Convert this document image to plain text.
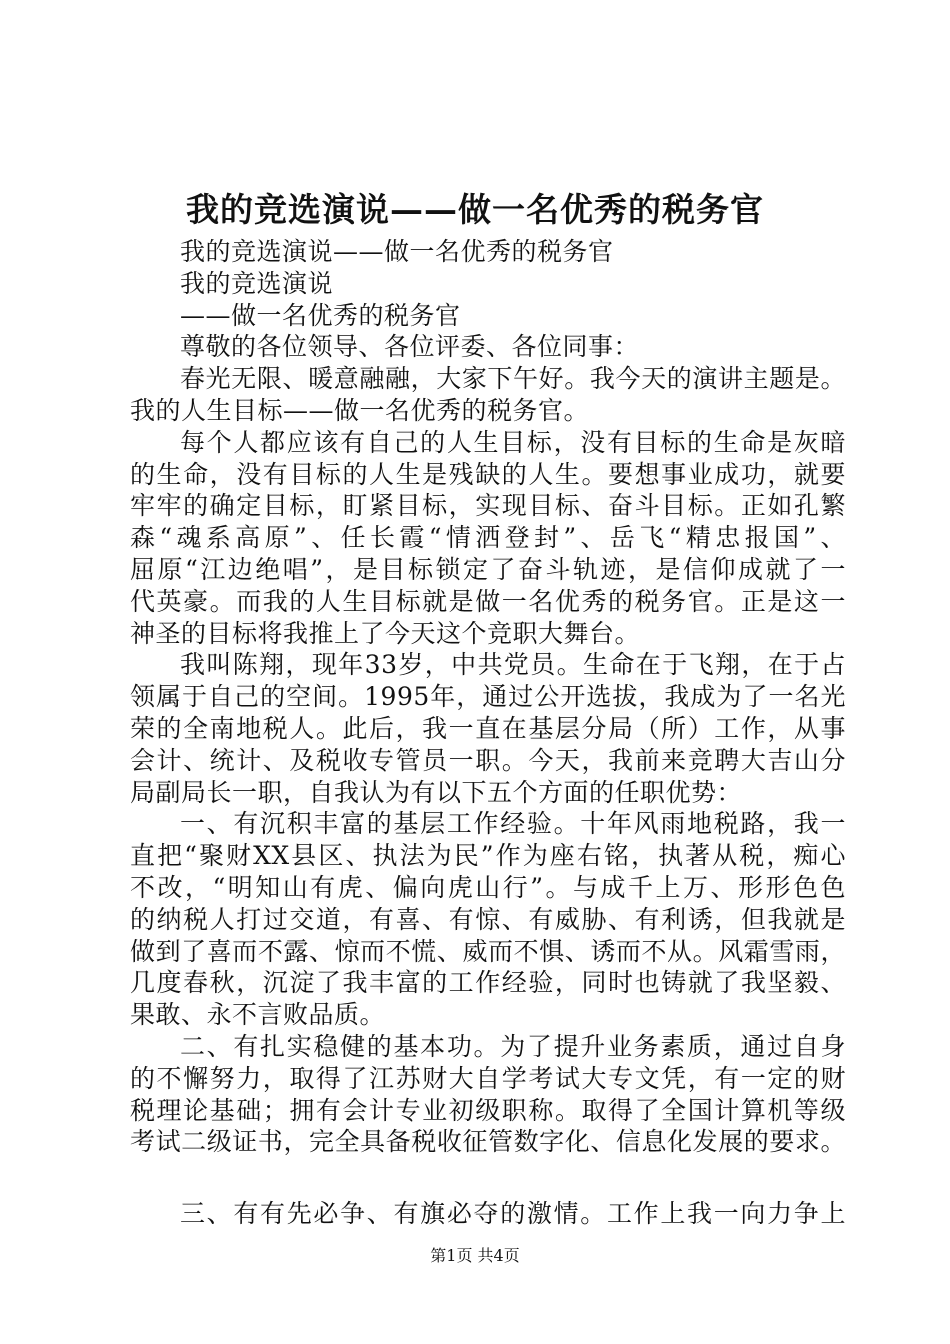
我的竞选演说——做一名优秀的税务官
我的竞选演说——做一名优秀的税务官
我的竞选演说
——做一名优秀的税务官
尊敬的各位领导、各位评委、各位同事：
春光无限、暖意融融，大家下午好。我今天的演讲主题是。
我的人生目标——做一名优秀的税务官。
每个人都应该有自己的人生目标，没有目标的生命是灰暗
的生命，没有目标的人生是残缺的人生。要想事业成功，就要
牢牢的确定目标，盯紧目标，实现目标、奋斗目标。正如孔繁
森“魂系高原”、任长霞“情洒登封”、岳飞“精忠报国”、
屈原“江边绝唱”，是目标锁定了奋斗轨迹，是信仰成就了一
代英豪。而我的人生目标就是做一名优秀的税务官。正是这一
神圣的目标将我推上了今天这个竞职大舞台。
我叫陈翔，现年33岁，中共党员。生命在于飞翔，在于占
领属于自己的空间。1995年，通过公开选拔，我成为了一名光
荣的全南地税人。此后，我一直在基层分局（所）工作，从事
会计、统计、及税收专管员一职。今天，我前来竞聘大吉山分
局副局长一职，自我认为有以下五个方面的任职优势：
一、有沉积丰富的基层工作经验。十年风雨地税路，我一
直把“聚财XX县区、执法为民”作为座右铭，执著从税，痴心
不改，“明知山有虎、偏向虎山行”。与成千上万、形形色色
的纳税人打过交道，有喜、有惊、有威胁、有利诱，但我就是
做到了喜而不露、惊而不慌、威而不惧、诱而不从。风霜雪雨，
几度春秋，沉淀了我丰富的工作经验，同时也铸就了我坚毅、
果敢、永不言败品质。
二、有扎实稳健的基本功。为了提升业务素质，通过自身
的不懈努力，取得了江苏财大自学考试大专文凭，有一定的财
税理论基础；拥有会计专业初级职称。取得了全国计算机等级
考试二级证书，完全具备税收征管数字化、信息化发展的要求。
三、有有先必争、有旗必夺的激情。工作上我一向力争上
第1页 共4页
